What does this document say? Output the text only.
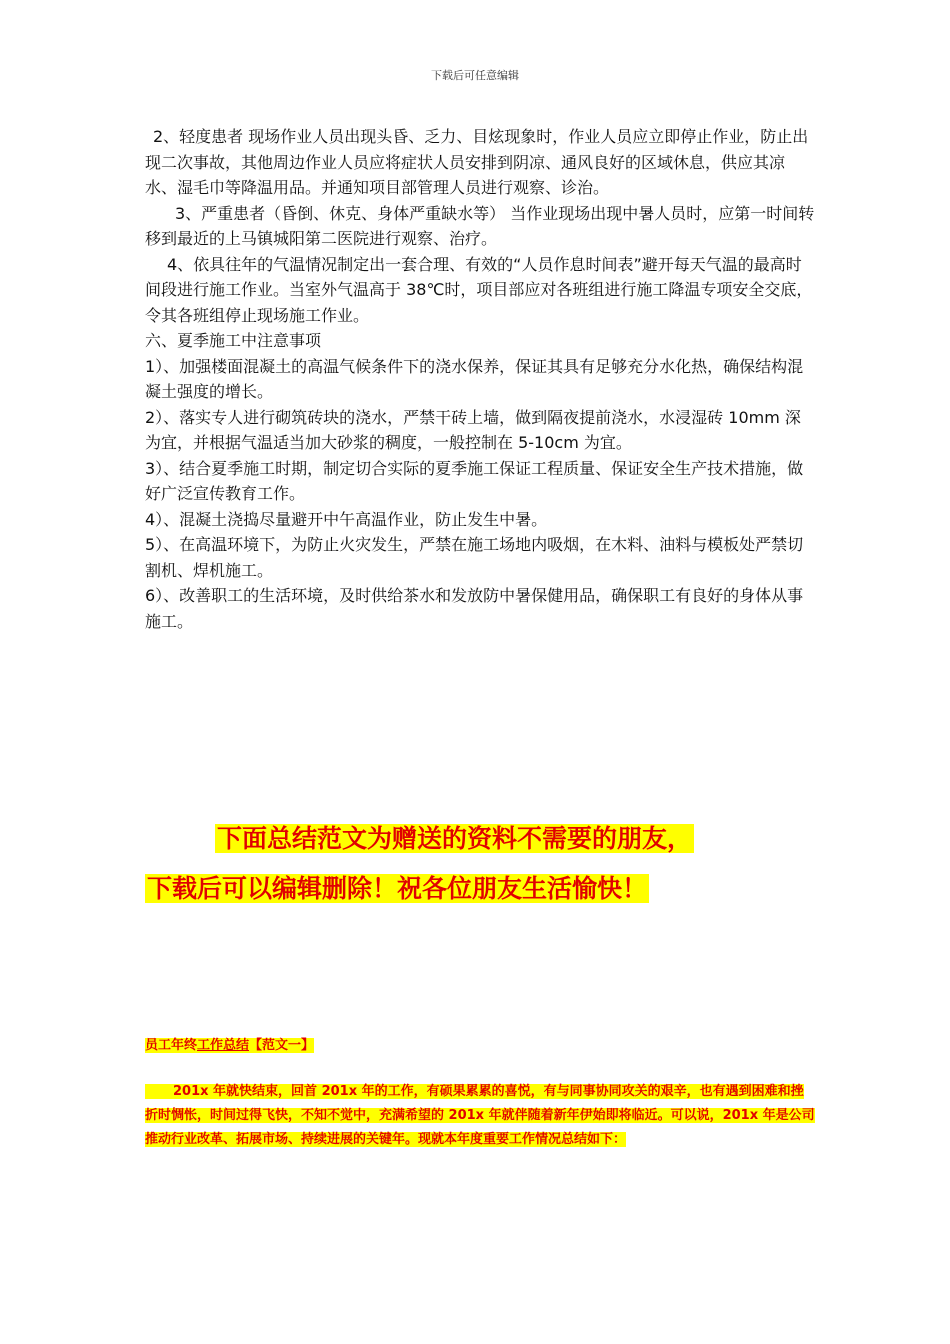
下载后可任意编辑

2、轻度患者 现场作业人员出现头昏、乏力、目炫现象时，作业人员应立即停止作业，防止出现二次事故，其他周边作业人员应将症状人员安排到阴凉、通风良好的区域休息，供应其凉水、湿毛巾等降温用品。并通知项目部管理人员进行观察、诊治。

3、严重患者（昏倒、休克、身体严重缺水等） 当作业现场出现中暑人员时，应第一时间转移到最近的上马镇城阳第二医院进行观察、治疗。

4、依具往年的气温情况制定出一套合理、有效的“人员作息时间表”避开每天气温的最高时间段进行施工作业。当室外气温高于 38℃时，项目部应对各班组进行施工降温专项安全交底，令其各班组停止现场施工作业。

六、夏季施工中注意事项

1）、加强楼面混凝土的高温气候条件下的浇水保养，保证其具有足够充分水化热，确保结构混凝土强度的增长。

2）、落实专人进行砌筑砖块的浇水，严禁干砖上墙，做到隔夜提前浇水，水浸湿砖 10mm 深为宜，并根据气温适当加大砂浆的稠度，一般控制在 5-10cm 为宜。

3）、结合夏季施工时期，制定切合实际的夏季施工保证工程质量、保证安全生产技术措施，做好广泛宣传教育工作。

4）、混凝土浇捣尽量避开中午高温作业，防止发生中暑。

5）、在高温环境下，为防止火灾发生，严禁在施工场地内吸烟，在木料、油料与模板处严禁切割机、焊机施工。

6）、改善职工的生活环境，及时供给茶水和发放防中暑保健用品，确保职工有良好的身体从事施工。

下面总结范文为赠送的资料不需要的朋友，
下载后可以编辑删除！祝各位朋友生活愉快！
员工年终工作总结【范文一】
201x 年就快结束，回首 201x 年的工作，有硕果累累的喜悦，有与同事协同攻关的艰辛，也有遇到困难和挫折时惆怅，时间过得飞快，不知不觉中，充满希望的 201x 年就伴随着新年伊始即将临近。可以说，201x 年是公司推动行业改革、拓展市场、持续进展的关键年。现就本年度重要工作情况总结如下：
